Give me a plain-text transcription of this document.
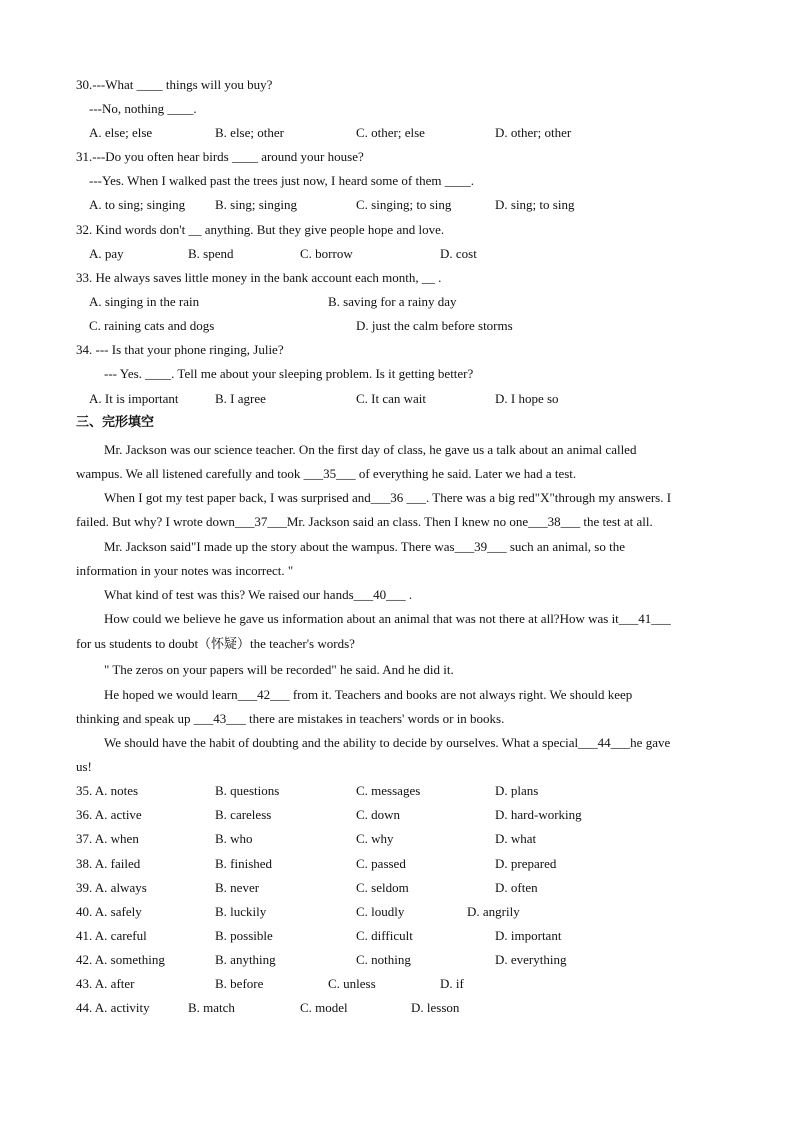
30.---What ____ things will you buy?
---No, nothing ____.
A. else; else	B. else; other	C. other; else	D. other; other
31.---Do you often hear birds ____ around your house?
---Yes. When I walked past the trees just now, I heard some of them ____.
A. to sing; singing B. sing; singing	C. singing; to sing	D. sing; to sing
32. Kind words don't __ anything. But they give people hope and love.
A. pay	B. spend	C. borrow	D. cost
33. He always saves little money in the bank account each month, __ .
A. singing in the rain	B. saving for a rainy day
C. raining cats and dogs	D. just the calm before storms
34. --- Is that your phone ringing, Julie?
--- Yes. ____. Tell me about your sleeping problem. Is it getting better?
A. It is important	B. I agree	C. It can wait	D. I hope so
三、完形填空
Mr. Jackson was our science teacher. On the first day of class, he gave us a talk about an animal called
wampus. We all listened carefully and took ___35___ of everything he said. Later we had a test.
When I got my test paper back, I was surprised and___36 ___. There was a big red"X"through my answers. I
failed. But why? I wrote down___37___Mr. Jackson said an class. Then I knew no one___38___ the test at all.
Mr. Jackson said"I made up the story about the wampus. There was___39___ such an animal, so the
information in your notes was incorrect. "
What kind of test was this? We raised our hands___40___ .
How could we believe he gave us information about an animal that was not there at all?How was it___41___
for us students to doubt（怀疑）the teacher's words?
" The zeros on your papers will be recorded" he said. And he did it.
He hoped we would learn___42___ from it. Teachers and books are not always right. We should keep
thinking and speak up ___43___ there are mistakes in teachers' words or in books.
We should have the habit of doubting and the ability to decide by ourselves. What a special___44___he gave
us!
35. A. notes	B. questions	C. messages	D. plans
36. A. active	B. careless	C. down	D. hard-working
37. A. when	B. who	C. why	D. what
38. A. failed	B. finished	C. passed	D. prepared
39. A. always	B. never	C. seldom	D. often
40. A. safely	B. luckily	C. loudly	D. angrily
41. A. careful	B. possible	C. difficult	D. important
42. A. something	B. anything	C. nothing	D. everything
43. A. after	B. before	C. unless	D. if
44. A. activity	B. match	C. model	D. lesson
